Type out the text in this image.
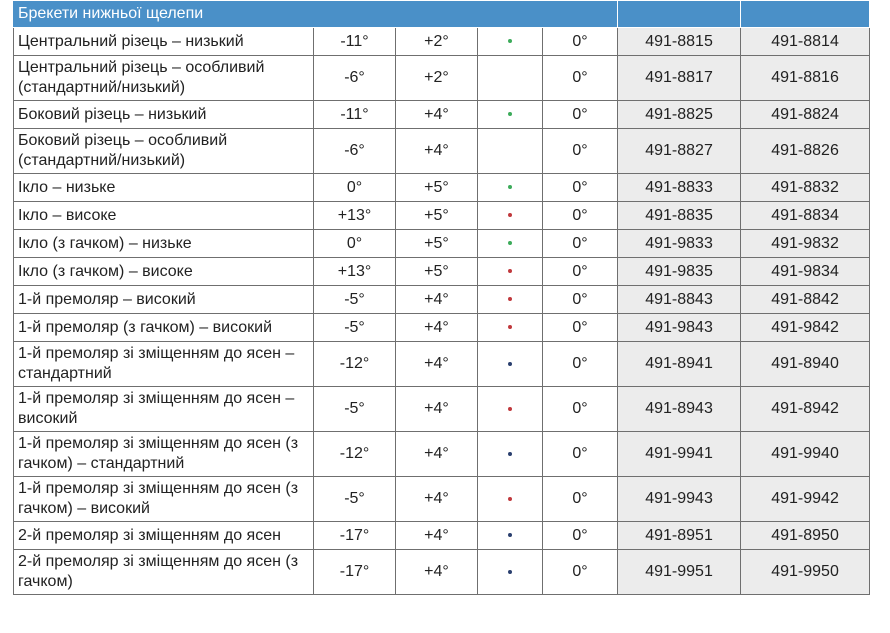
Брекети нижньої щелепи						
Центральний різець – низький	-11°	+2°		0°	491-8815	491-8814
Центральний різець – особливий (стандартний/низький)	-6°	+2°		0°	491-8817	491-8816
Боковий різець – низький	-11°	+4°		0°	491-8825	491-8824
Боковий різець – особливий (стандартний/низький)	-6°	+4°		0°	491-8827	491-8826
Ікло – низьке	0°	+5°		0°	491-8833	491-8832
Ікло – високе	+13°	+5°		0°	491-8835	491-8834
Ікло (з гачком) – низьке	0°	+5°		0°	491-9833	491-9832
Ікло (з гачком) – високе	+13°	+5°		0°	491-9835	491-9834
1-й премоляр – високий	-5°	+4°		0°	491-8843	491-8842
1-й премоляр (з гачком) – високий	-5°	+4°		0°	491-9843	491-9842
1-й премоляр зі зміщенням до ясен – стандартний	-12°	+4°		0°	491-8941	491-8940
1-й премоляр зі зміщенням до ясен – високий	-5°	+4°		0°	491-8943	491-8942
1-й премоляр зі зміщенням до ясен (з гачком) – стандартний	-12°	+4°		0°	491-9941	491-9940
1-й премоляр зі зміщенням до ясен (з гачком) – високий	-5°	+4°		0°	491-9943	491-9942
2-й премоляр зі зміщенням до ясен	-17°	+4°		0°	491-8951	491-8950
2-й премоляр зі зміщенням до ясен (з гачком)	-17°	+4°		0°	491-9951	491-9950
